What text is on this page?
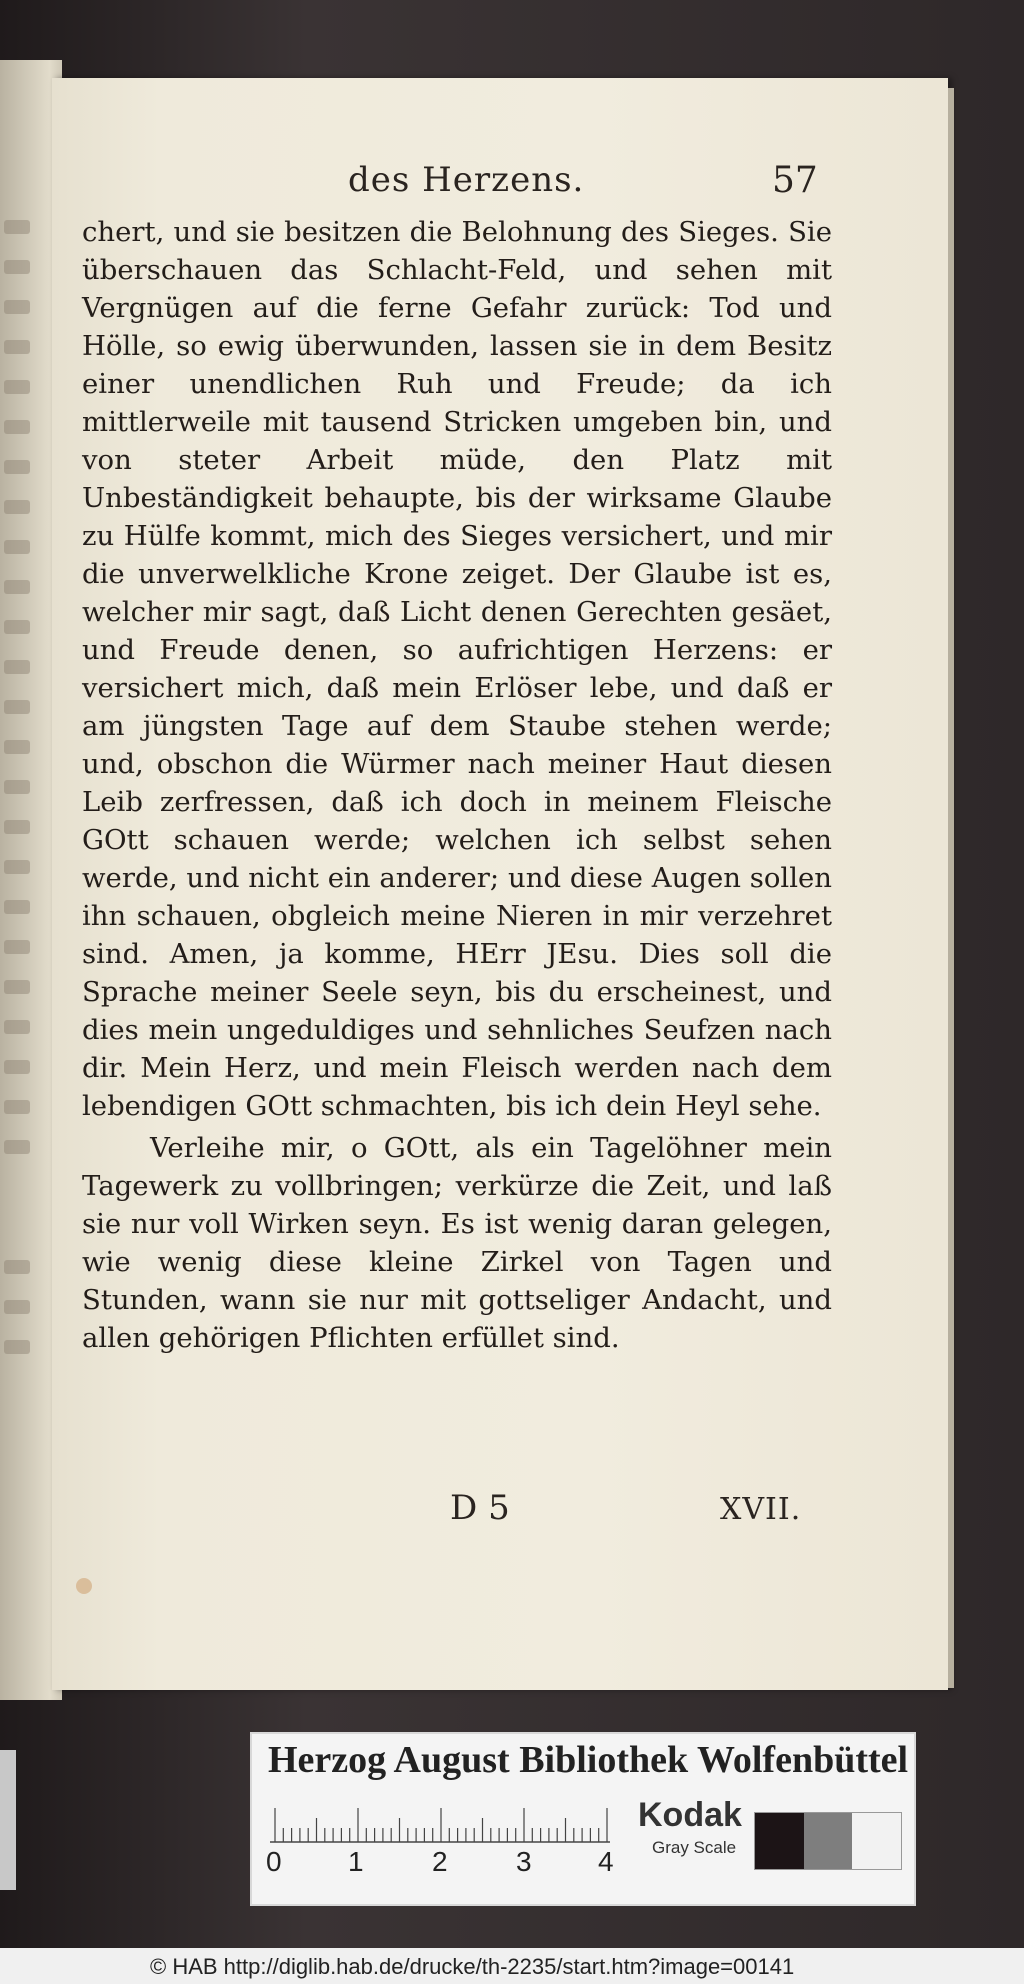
des Herzens.	57

chert, und sie besitzen die Belohnung des Sieges. Sie überschauen das Schlacht-Feld, und sehen mit Vergnügen auf die ferne Gefahr zurück: Tod und Hölle, so ewig überwunden, lassen sie in dem Besitz einer unendlichen Ruh und Freude; da ich mittlerweile mit tausend Stricken umgeben bin, und von steter Arbeit müde, den Platz mit Unbeständigkeit behaupte, bis der wirksame Glaube zu Hülfe kommt, mich des Sieges versichert, und mir die unverwelkliche Krone zeiget. Der Glaube ist es, welcher mir sagt, daß Licht denen Gerechten gesäet, und Freude denen, so aufrichtigen Herzens: er versichert mich, daß mein Erlöser lebe, und daß er am jüngsten Tage auf dem Staube stehen werde; und, obschon die Würmer nach meiner Haut diesen Leib zerfressen, daß ich doch in meinem Fleische GOtt schauen werde; welchen ich selbst sehen werde, und nicht ein anderer; und diese Augen sollen ihn schauen, obgleich meine Nieren in mir verzehret sind. Amen, ja komme, HErr JEsu. Dies soll die Sprache meiner Seele seyn, bis du erscheinest, und dies mein ungeduldiges und sehnliches Seufzen nach dir. Mein Herz, und mein Fleisch werden nach dem lebendigen GOtt schmachten, bis ich dein Heyl sehe.

Verleihe mir, o GOtt, als ein Tagelöhner mein Tagewerk zu vollbringen; verkürze die Zeit, und laß sie nur voll Wirken seyn. Es ist wenig daran gelegen, wie wenig diese kleine Zirkel von Tagen und Stunden, wann sie nur mit gottseliger Andacht, und allen gehörigen Pflichten erfüllet sind.

D 5	XVII.
Herzog August Bibliothek Wolfenbüttel
0 1 2 3 4
Kodak
Gray Scale
© HAB http://diglib.hab.de/drucke/th-2235/start.htm?image=00141
